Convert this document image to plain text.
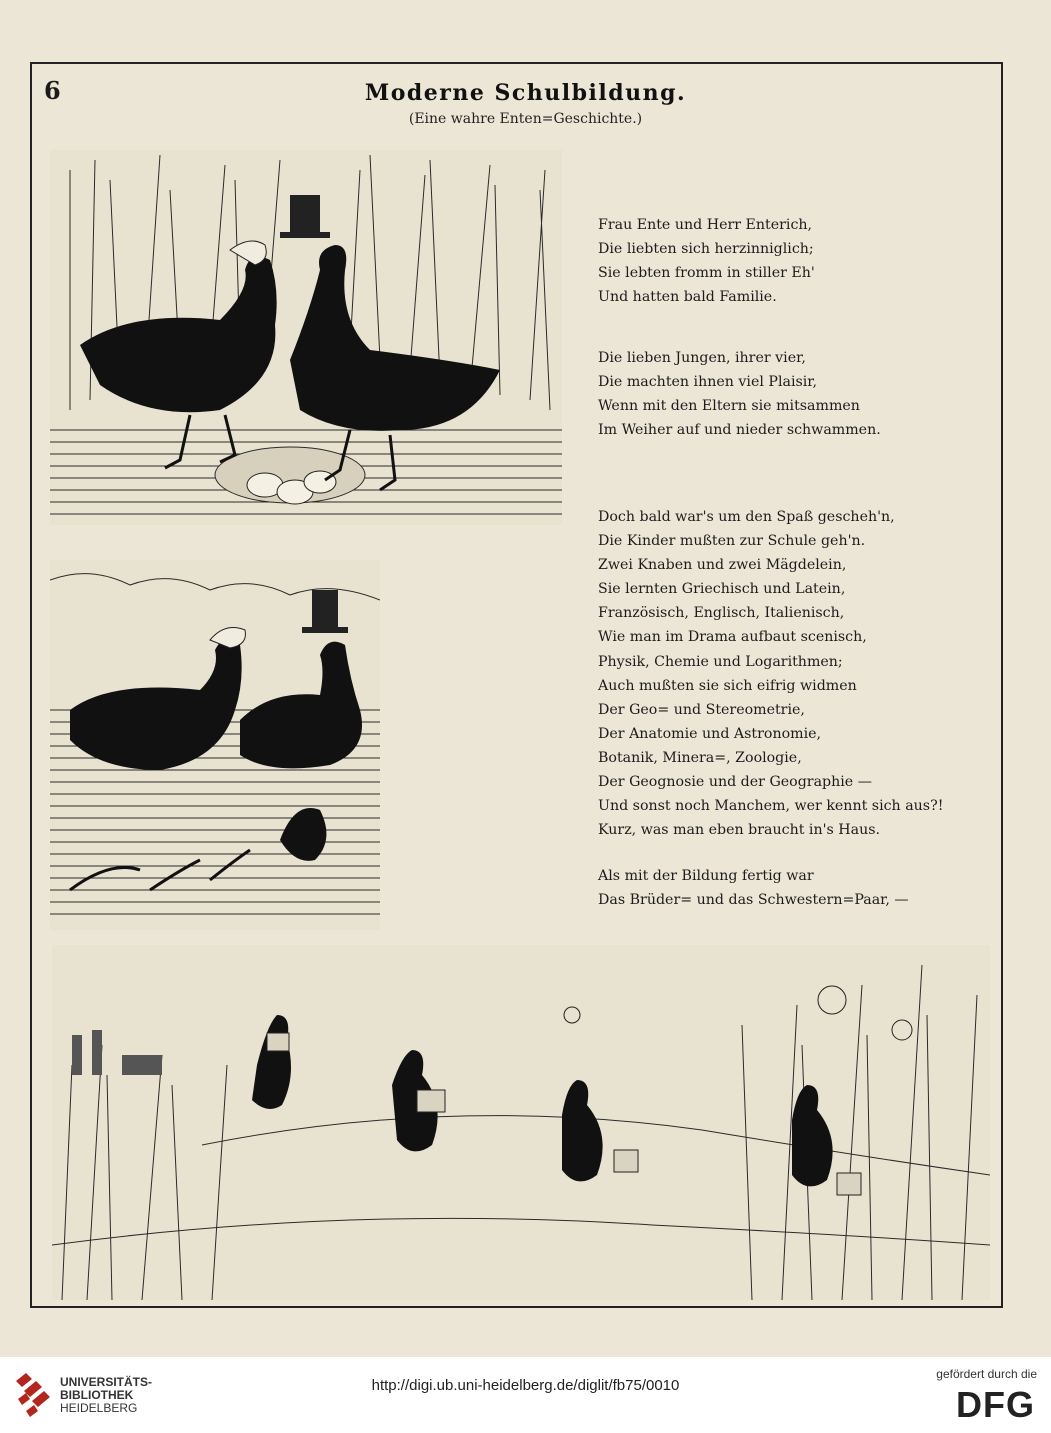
6	Moderne Schulbildung.
(Eine wahre Enten=Geschichte.)
Frau Ente und Herr Enterich,
Die liebten sich herzinniglich;
Sie lebten fromm in stiller Eh'
Und hatten bald Familie.
Die lieben Jungen, ihrer vier,
Die machten ihnen viel Plaisir,
Wenn mit den Eltern sie mitsammen
Im Weiher auf und nieder schwammen.
Doch bald war's um den Spaß gescheh'n,
Die Kinder mußten zur Schule geh'n.
Zwei Knaben und zwei Mägdelein,
Sie lernten Griechisch und Latein,
Französisch, Englisch, Italienisch,
Wie man im Drama aufbaut scenisch,
Physik, Chemie und Logarithmen;
Auch mußten sie sich eifrig widmen
Der Geo= und Stereometrie,
Der Anatomie und Astronomie,
Botanik, Minera=, Zoologie,
Der Geognosie und der Geographie —
Und sonst noch Manchem, wer kennt sich aus?!
Kurz, was man eben braucht in's Haus.
Als mit der Bildung fertig war
Das Brüder= und das Schwestern=Paar, —
UNIVERSITÄTS-
BIBLIOTHEK
HEIDELBERG
http://digi.ub.uni-heidelberg.de/diglit/fb75/0010
gefördert durch die
DFG
